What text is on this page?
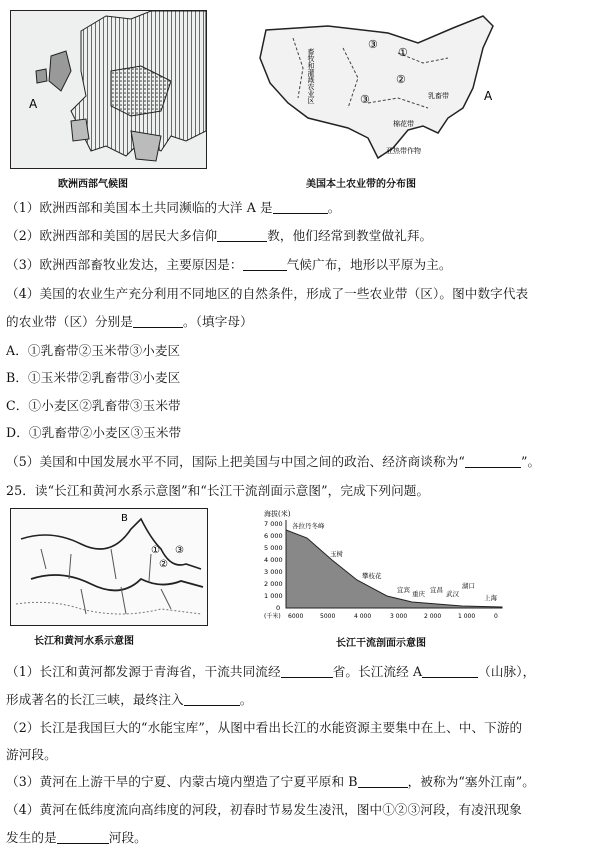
A
欧洲西部气候图
③
①
②
③
畜牧和灌溉农业区	乳畜带
棉花带
亚热带作物
A
美国本土农业带的分布图
（1）欧洲西部和美国本土共同濒临的大洋 A 是	。
（2）欧洲西部和美国的居民大多信仰	教，他们经常到教堂做礼拜。
（3）欧洲西部畜牧业发达，主要原因是：	气候广布，地形以平原为主。
（4）美国的农业生产充分利用不同地区的自然条件，形成了一些农业带（区）。图中数字代表
的农业带（区）分别是	。（填字母）
A．①乳畜带②玉米带③小麦区
B．①玉米带②乳畜带③小麦区
C．①小麦区②乳畜带③玉米带
D．①乳畜带②小麦区③玉米带
（5）美国和中国发展水平不同，国际上把美国与中国之间的政治、经济商谈称为“	”。
25．读“长江和黄河水系示意图”和“长江干流剖面示意图”，完成下列问题。
B
①
②
③
长江和黄河水系示意图
海拔(米)
7 000
6 000
5 000
4 000
3 000
2 000
1 000
0
各拉丹冬峰
玉树
攀枝花
宜宾 重庆 宜昌 武汉
湖口
上海
(千米) 6000	5000	4 000	3 000	2 000	1 000	0
长江干流剖面示意图
（1）长江和黄河都发源于青海省，干流共同流经	省。长江流经 A	（山脉），
形成著名的长江三峡，最终注入	。
（2）长江是我国巨大的“水能宝库”，从图中看出长江的水能资源主要集中在上、中、下游的
游河段。
（3）黄河在上游干旱的宁夏、内蒙古境内塑造了宁夏平原和 B	，被称为“塞外江南”。
（4）黄河在低纬度流向高纬度的河段，初春时节易发生凌汛，图中①②③河段，有凌汛现象
发生的是	河段。
